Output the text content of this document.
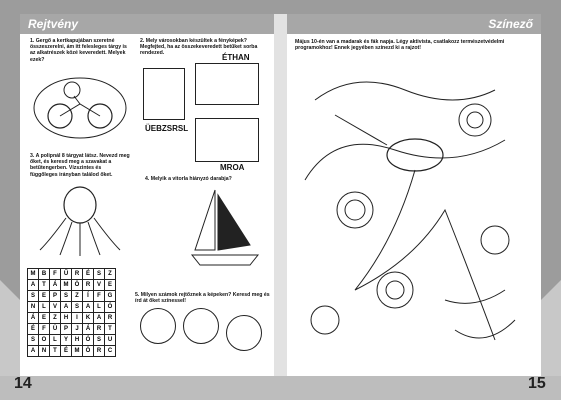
Rejtvény	Színező
1. Gergő a kertkapujában szeretné összeszerelni, ám itt felesleges tárgy is az alkatrészek közé keveredett. Melyek ezek?
2. Mely városokban készültek a fényképek? Megfejted, ha az összekeveredett betűket sorba rendezed.	ÉTHAN
ÜEBZSRSL
MROA
3. A polipnál 8 tárgyat látsz. Nevezd meg őket, és keresd meg a szavakat a betűtengerben. Vízszintes és függőleges irányban találod őket.
4. Melyik a vitorla hiányzó darabja?
M	B	F	Ű	R	É	S	Z
A	T	Á	M	Ö	R	V	E
S	E	P	S	Z	Í	F	G
N	L	V	A	S	A	L	Ó
Á	E	Z	H	I	K	A	R
É	F	Ü	P	J	Á	R	T
S	O	L	Y	H	Ó	S	U
A	N	T	É	M	Ö	R	C
5. Milyen számok rejtőznek a képeken? Keresd meg és írd át őket színessel!
14
Május 10-én van a madarak és fák napja. Légy aktivista, csatlakozz természetvédelmi programokhoz! Ennek jegyében színezd ki a rajzot!
15
